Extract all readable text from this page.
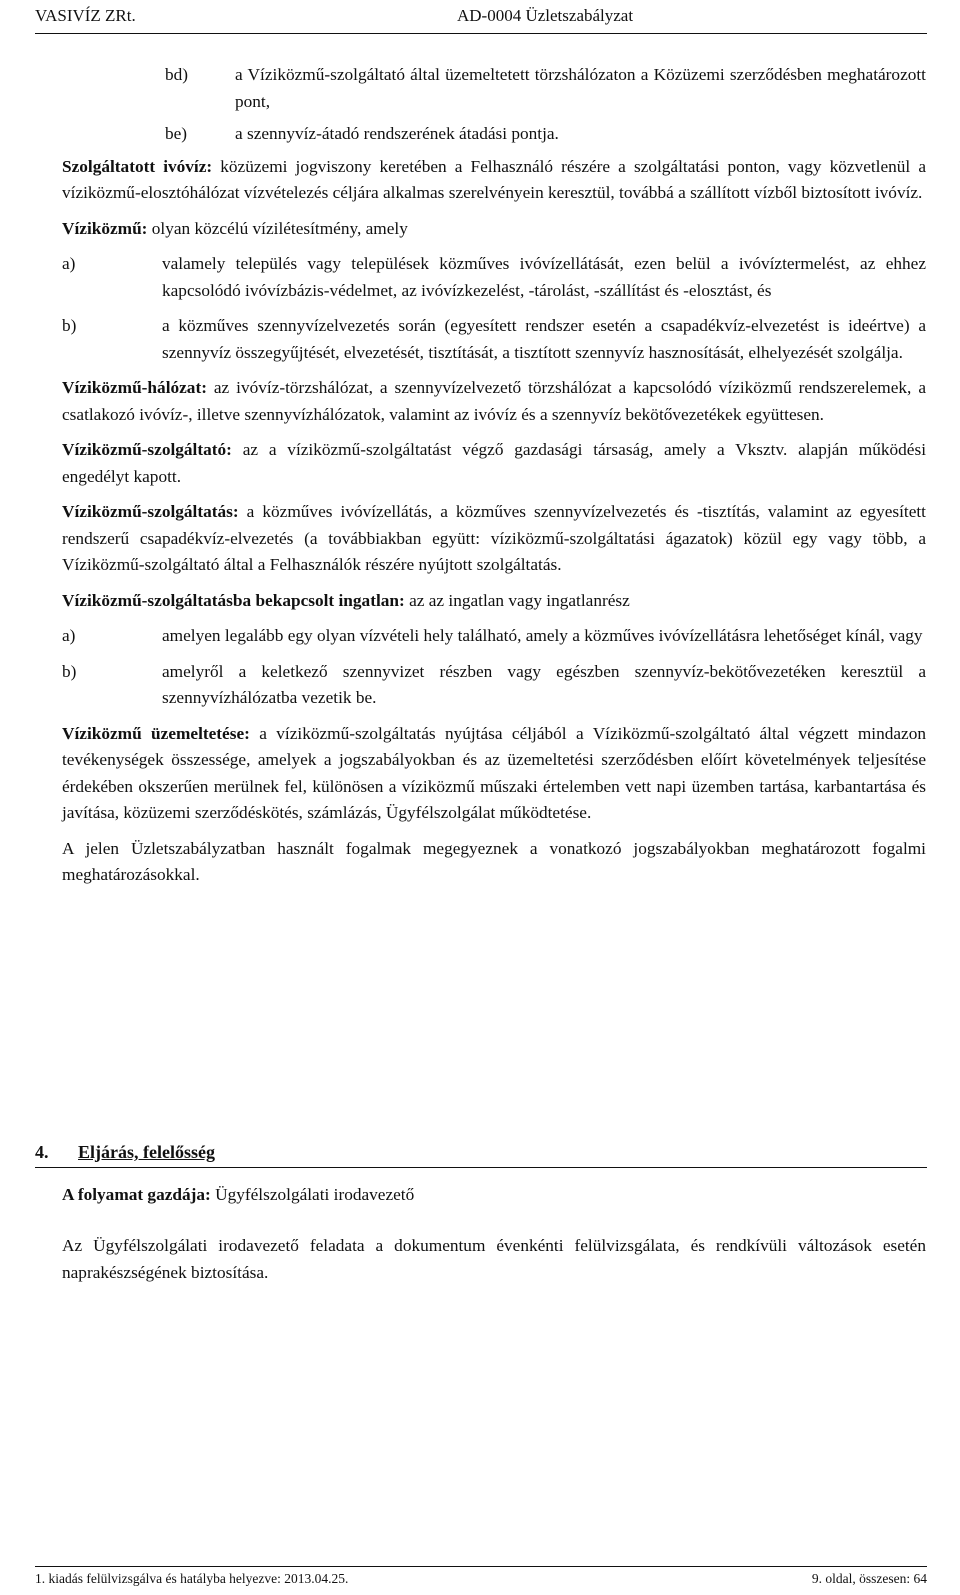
VASIVÍZ ZRt.	AD-0004 Üzletszabályzat
bd)	a Víziközmű-szolgáltató által üzemeltetett törzshálózaton a Közüzemi szerződésben meghatározott pont,
be)	a szennyvíz-átadó rendszerének átadási pontja.

Szolgáltatott ivóvíz: közüzemi jogviszony keretében a Felhasználó részére a szolgáltatási ponton, vagy közvetlenül a víziközmű-elosztóhálózat vízvételezés céljára alkalmas szerelvényein keresztül, továbbá a szállított vízből biztosított ivóvíz.

Víziközmű: olyan közcélú vízilétesítmény, amely

a)	valamely település vagy települések közműves ivóvízellátását, ezen belül a ivóvíztermelést, az ehhez kapcsolódó ivóvízbázis-védelmet, az ivóvízkezelést, -tárolást, -szállítást és -elosztást, és
b)	a közműves szennyvízelvezetés során (egyesített rendszer esetén a csapadékvíz-elvezetést is ideértve) a szennyvíz összegyűjtését, elvezetését, tisztítását, a tisztított szennyvíz hasznosítását, elhelyezését szolgálja.

Víziközmű-hálózat: az ivóvíz-törzshálózat, a szennyvízelvezető törzshálózat a kapcsolódó víziközmű rendszerelemek, a csatlakozó ivóvíz-, illetve szennyvízhálózatok, valamint az ivóvíz és a szennyvíz bekötővezetékek együttesen.

Víziközmű-szolgáltató: az a víziközmű-szolgáltatást végző gazdasági társaság, amely a Vksztv. alapján működési engedélyt kapott.

Víziközmű-szolgáltatás: a közműves ivóvízellátás, a közműves szennyvízelvezetés és -tisztítás, valamint az egyesített rendszerű csapadékvíz-elvezetés (a továbbiakban együtt: víziközmű-szolgáltatási ágazatok) közül egy vagy több, a Víziközmű-szolgáltató által a Felhasználók részére nyújtott szolgáltatás.

Víziközmű-szolgáltatásba bekapcsolt ingatlan: az az ingatlan vagy ingatlanrész

a)	amelyen legalább egy olyan vízvételi hely található, amely a közműves ivóvízellátásra lehetőséget kínál, vagy
b)	amelyről a keletkező szennyvizet részben vagy egészben szennyvíz-bekötővezetéken keresztül a szennyvízhálózatba vezetik be.

Víziközmű üzemeltetése: a víziközmű-szolgáltatás nyújtása céljából a Víziközmű-szolgáltató által végzett mindazon tevékenységek összessége, amelyek a jogszabályokban és az üzemeltetési szerződésben előírt követelmények teljesítése érdekében okszerűen merülnek fel, különösen a víziközmű műszaki értelemben vett napi üzemben tartása, karbantartása és javítása, közüzemi szerződéskötés, számlázás, Ügyfélszolgálat működtetése.

A jelen Üzletszabályzatban használt fogalmak megegyeznek a vonatkozó jogszabályokban meghatározott fogalmi meghatározásokkal.

4. Eljárás, felelősség
A folyamat gazdája: Ügyfélszolgálati irodavezető
Az Ügyfélszolgálati irodavezető feladata a dokumentum évenkénti felülvizsgálata, és rendkívüli változások esetén naprakészségének biztosítása.
1. kiadás felülvizsgálva és hatályba helyezve: 2013.04.25.	9. oldal, összesen: 64
